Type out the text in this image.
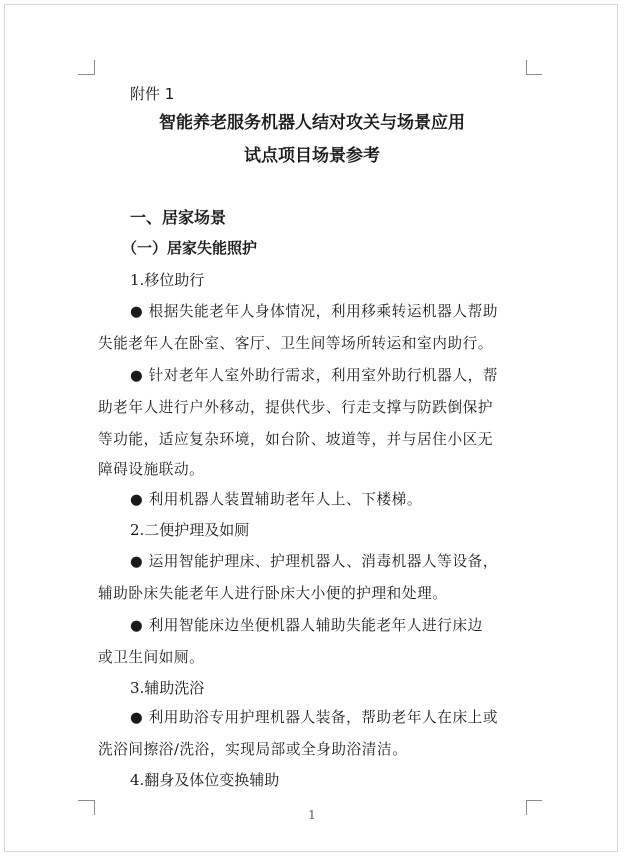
附件 1
智能养老服务机器人结对攻关与场景应用
试点项目场景参考
一、居家场景
（一）居家失能照护
1.移位助行
● 根据失能老年人身体情况，利用移乘转运机器人帮助
失能老年人在卧室、客厅、卫生间等场所转运和室内助行。
● 针对老年人室外助行需求，利用室外助行机器人，帮
助老年人进行户外移动，提供代步、行走支撑与防跌倒保护
等功能，适应复杂环境，如台阶、坡道等，并与居住小区无
障碍设施联动。
● 利用机器人装置辅助老年人上、下楼梯。
2.二便护理及如厕
● 运用智能护理床、护理机器人、消毒机器人等设备，
辅助卧床失能老年人进行卧床大小便的护理和处理。
● 利用智能床边坐便机器人辅助失能老年人进行床边
或卫生间如厕。
3.辅助洗浴
● 利用助浴专用护理机器人装备，帮助老年人在床上或
洗浴间擦浴/洗浴，实现局部或全身助浴清洁。
4.翻身及体位变换辅助
1
